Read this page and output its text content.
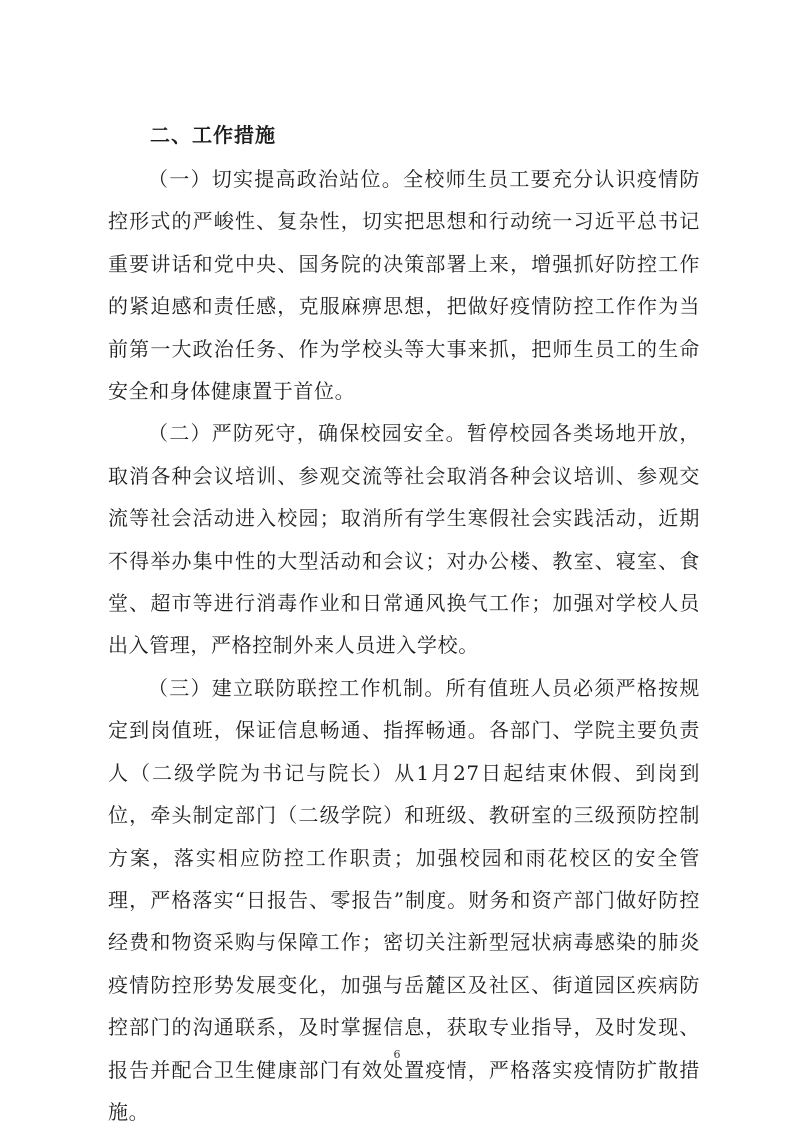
二、工作措施

（一）切实提高政治站位。全校师生员工要充分认识疫情防控形式的严峻性、复杂性，切实把思想和行动统一习近平总书记重要讲话和党中央、国务院的决策部署上来，增强抓好防控工作的紧迫感和责任感，克服麻痹思想，把做好疫情防控工作作为当前第一大政治任务、作为学校头等大事来抓，把师生员工的生命安全和身体健康置于首位。

（二）严防死守，确保校园安全。暂停校园各类场地开放，取消各种会议培训、参观交流等社会取消各种会议培训、参观交流等社会活动进入校园；取消所有学生寒假社会实践活动，近期不得举办集中性的大型活动和会议；对办公楼、教室、寝室、食堂、超市等进行消毒作业和日常通风换气工作；加强对学校人员出入管理，严格控制外来人员进入学校。

（三）建立联防联控工作机制。所有值班人员必须严格按规定到岗值班，保证信息畅通、指挥畅通。各部门、学院主要负责人（二级学院为书记与院长）从1月27日起结束休假、到岗到位，牵头制定部门（二级学院）和班级、教研室的三级预防控制方案，落实相应防控工作职责；加强校园和雨花校区的安全管理，严格落实“日报告、零报告”制度。财务和资产部门做好防控经费和物资采购与保障工作；密切关注新型冠状病毒感染的肺炎疫情防控形势发展变化，加强与岳麓区及社区、街道园区疾病防控部门的沟通联系，及时掌握信息，获取专业指导，及时发现、报告并配合卫生健康部门有效处置疫情，严格落实疫情防扩散措施。

6
